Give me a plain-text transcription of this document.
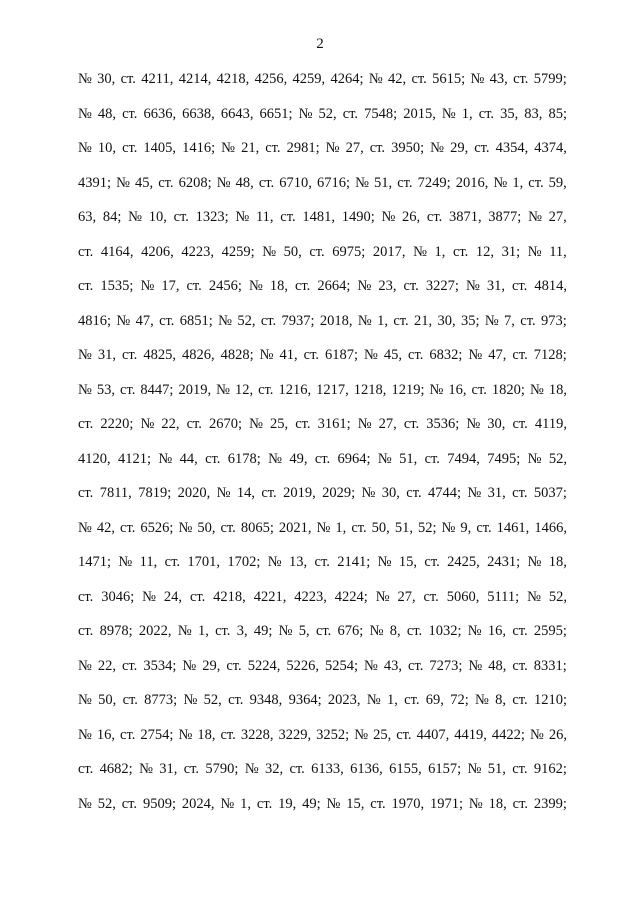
2
№ 30, ст. 4211, 4214, 4218, 4256, 4259, 4264; № 42, ст. 5615; № 43, ст. 5799;
№ 48, ст. 6636, 6638, 6643, 6651; № 52, ст. 7548; 2015, № 1, ст. 35, 83, 85;
№ 10, ст. 1405, 1416; № 21, ст. 2981; № 27, ст. 3950; № 29, ст. 4354, 4374,
4391; № 45, ст. 6208; № 48, ст. 6710, 6716; № 51, ст. 7249; 2016, № 1, ст. 59,
63, 84; № 10, ст. 1323; № 11, ст. 1481, 1490; № 26, ст. 3871, 3877; № 27,
ст. 4164, 4206, 4223, 4259; № 50, ст. 6975; 2017, № 1, ст. 12, 31; № 11,
ст. 1535; № 17, ст. 2456; № 18, ст. 2664; № 23, ст. 3227; № 31, ст. 4814,
4816; № 47, ст. 6851; № 52, ст. 7937; 2018, № 1, ст. 21, 30, 35; № 7, ст. 973;
№ 31, ст. 4825, 4826, 4828; № 41, ст. 6187; № 45, ст. 6832; № 47, ст. 7128;
№ 53, ст. 8447; 2019, № 12, ст. 1216, 1217, 1218, 1219; № 16, ст. 1820; № 18,
ст. 2220; № 22, ст. 2670; № 25, ст. 3161; № 27, ст. 3536; № 30, ст. 4119,
4120, 4121; № 44, ст. 6178; № 49, ст. 6964; № 51, ст. 7494, 7495; № 52,
ст. 7811, 7819; 2020, № 14, ст. 2019, 2029; № 30, ст. 4744; № 31, ст. 5037;
№ 42, ст. 6526; № 50, ст. 8065; 2021, № 1, ст. 50, 51, 52; № 9, ст. 1461, 1466,
1471; № 11, ст. 1701, 1702; № 13, ст. 2141; № 15, ст. 2425, 2431; № 18,
ст. 3046; № 24, ст. 4218, 4221, 4223, 4224; № 27, ст. 5060, 5111; № 52,
ст. 8978; 2022, № 1, ст. 3, 49; № 5, ст. 676; № 8, ст. 1032; № 16, ст. 2595;
№ 22, ст. 3534; № 29, ст. 5224, 5226, 5254; № 43, ст. 7273; № 48, ст. 8331;
№ 50, ст. 8773; № 52, ст. 9348, 9364; 2023, № 1, ст. 69, 72; № 8, ст. 1210;
№ 16, ст. 2754; № 18, ст. 3228, 3229, 3252; № 25, ст. 4407, 4419, 4422; № 26,
ст. 4682; № 31, ст. 5790; № 32, ст. 6133, 6136, 6155, 6157; № 51, ст. 9162;
№ 52, ст. 9509; 2024, № 1, ст. 19, 49; № 15, ст. 1970, 1971; № 18, ст. 2399;
